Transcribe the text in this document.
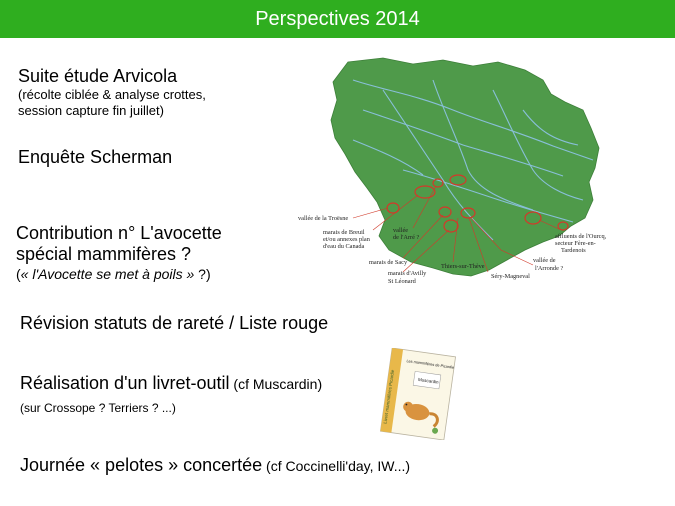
Perspectives 2014
Suite étude Arvicola
(récolte ciblée & analyse crottes,
session capture fin juillet)
Enquête Scherman
Contribution n° L'avocette
spécial mammifères ?
(« l'Avocette se met à poils » ?)
Révision statuts de rareté / Liste rouge
Réalisation d'un livret-outil (cf Muscardin)
(sur Crossope ? Terriers ? ...)
Journée « pelotes » concertée (cf Coccinelli'day, IW...)
vallée de la Troësne
marais de Breuil
et/ou annexes plan
d'eau du Canada
vallée
de l'Arré ?
marais de Sacy
marais d'Avilly
St Léonard
Thiers-sur-Thève
Séry-Magneval
vallée de
l'Arronde ?
affluents de l'Ourcq,
secteur Fère-en-
Tardenois
Livret mammifères Picardie
Les mammifères de Picardie
Muscardin
